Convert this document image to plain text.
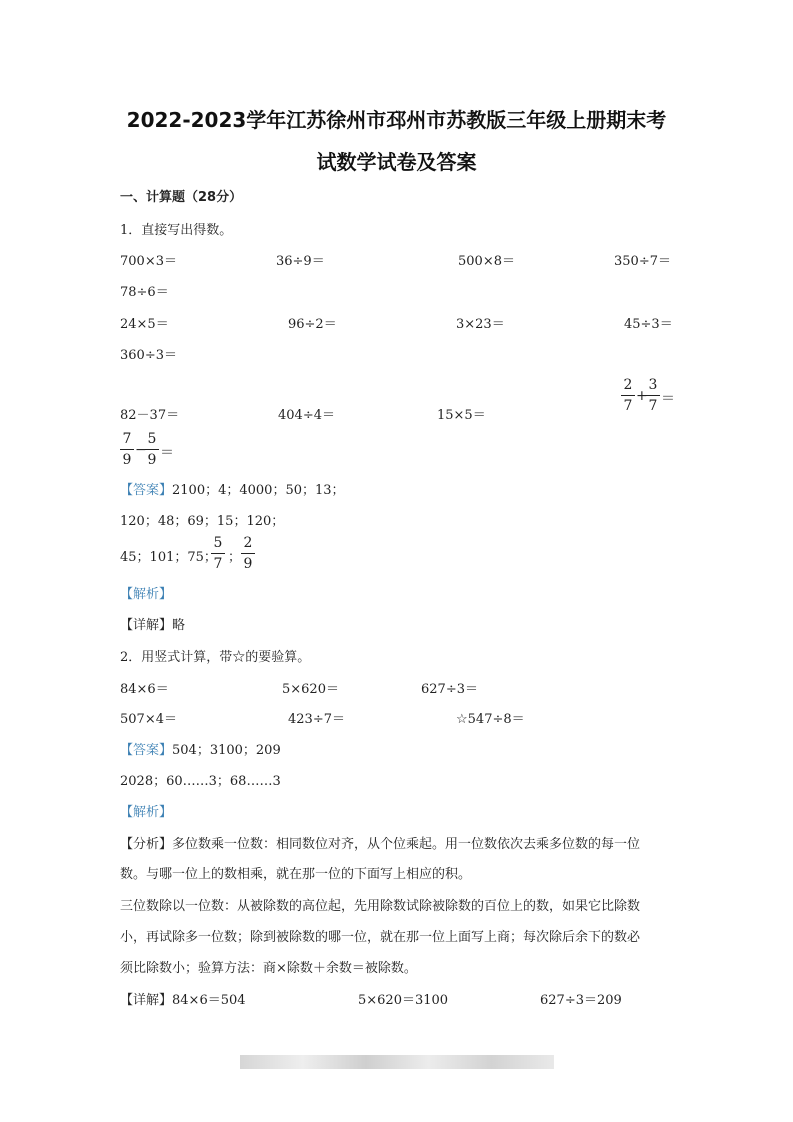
2022-2023学年江苏徐州市邳州市苏教版三年级上册期末考
试数学试卷及答案
一、计算题（28分）
1．直接写出得数。
700×3＝	36÷9＝	500×8＝	350÷7＝
78÷6＝
24×5＝	96÷2＝	3×23＝	45÷3＝
360÷3＝
82－37＝	404÷4＝	15×5＝
2
7
+
3
7 ＝
7
9
−
5
9 ＝
【答案】2100；4；4000；50；13；
120；48；69；15；120；
45；101；75；
5
7 ；
2
9
【解析】
【详解】略
2．用竖式计算，带☆的要验算。
84×6＝	5×620＝	627÷3＝
507×4＝	423÷7＝	☆547÷8＝
【答案】504；3100；209
2028；60……3；68……3
【解析】
【分析】多位数乘一位数：相同数位对齐，从个位乘起。用一位数依次去乘多位数的每一位
数。与哪一位上的数相乘，就在那一位的下面写上相应的积。
三位数除以一位数：从被除数的高位起，先用除数试除被除数的百位上的数，如果它比除数
小，再试除多一位数；除到被除数的哪一位，就在那一位上面写上商；每次除后余下的数必
须比除数小；验算方法：商×除数＋余数＝被除数。
【详解】84×6＝504	5×620＝3100	627÷3＝209
